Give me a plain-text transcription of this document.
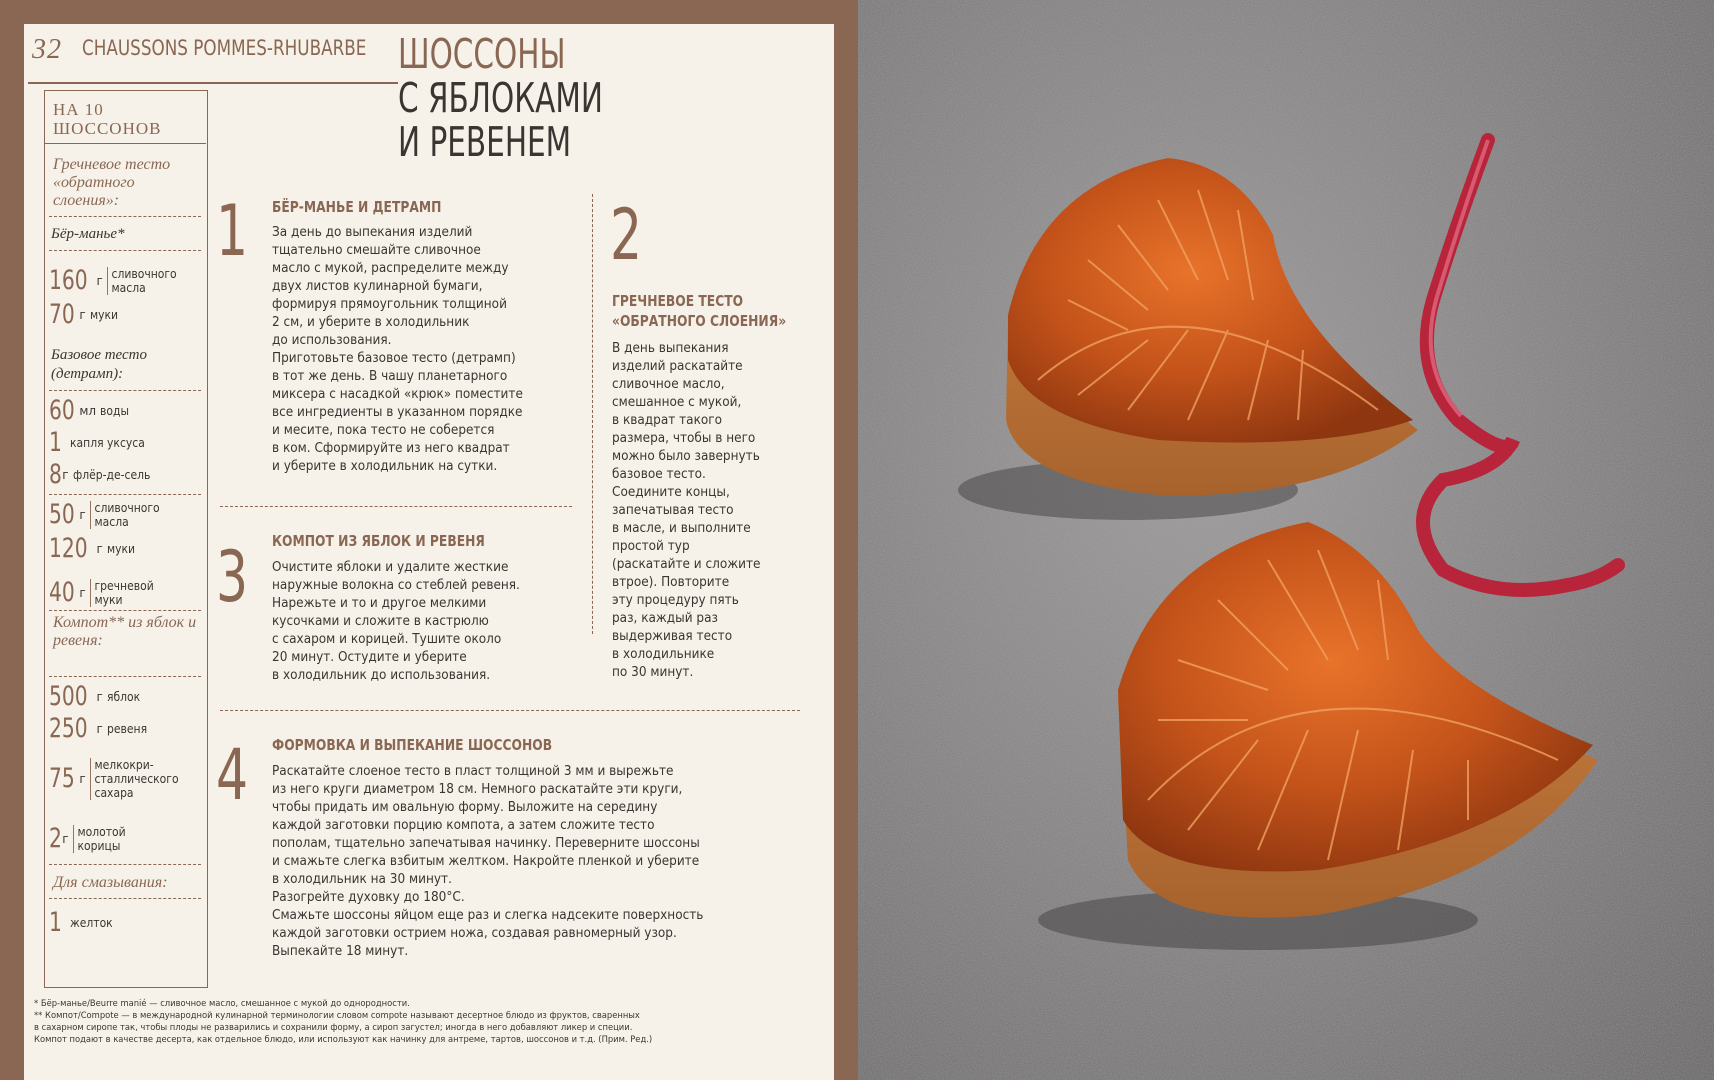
32 CHAUSSONS POMMES-RHUBARBE ШОССОНЫ
С ЯБЛОКАМИ
И РЕВЕНЕМ
НА 10
ШОССОНОВ
Гречневое тесто «обратного слоения»:
Бёр-манье*
160 г сливочного масла
70 г муки
Базовое тесто (детрамп):
60 мл воды
1 капля уксуса
8 г флёр-де-сель
50 г сливочного масла
120 г муки
40 г гречневой муки
Компот** из яблок и ревеня:
500 г яблок
250 г ревеня
75 г
мелкокри-сталлического сахара
2 г молотой корицы
Для смазывания:
1 желток
1 БЁР-МАНЬЕ И ДЕТРАМП
За день до выпекания изделий
тщательно смешайте сливочное
масло с мукой, распределите между
двух листов кулинарной бумаги,
формируя прямоугольник толщиной
2 см, и уберите в холодильник
до использования.
Приготовьте базовое тесто (детрамп)
в тот же день. В чашу планетарного
миксера с насадкой «крюк» поместите
все ингредиенты в указанном порядке
и месите, пока тесто не соберется
в ком. Сформируйте из него квадрат
и уберите в холодильник на сутки.
2
ГРЕЧНЕВОЕ ТЕСТО
«ОБРАТНОГО СЛОЕНИЯ»
В день выпекания
изделий раскатайте
сливочное масло,
смешанное с мукой,
в квадрат такого
размера, чтобы в него
можно было завернуть
базовое тесто.
Соедините концы,
запечатывая тесто
в масле, и выполните
простой тур
(раскатайте и сложите
втрое). Повторите
эту процедуру пять
раз, каждый раз
выдерживая тесто
в холодильнике
по 30 минут.
3 КОМПОТ ИЗ ЯБЛОК И РЕВЕНЯ
Очистите яблоки и удалите жесткие
наружные волокна со стеблей ревеня.
Нарежьте и то и другое мелкими
кусочками и сложите в кастрюлю
с сахаром и корицей. Тушите около
20 минут. Остудите и уберите
в холодильник до использования.
4 ФОРМОВКА И ВЫПЕКАНИЕ ШОССОНОВ
Раскатайте слоеное тесто в пласт толщиной 3 мм и вырежьте
из него круги диаметром 18 см. Немного раскатайте эти круги,
чтобы придать им овальную форму. Выложите на середину
каждой заготовки порцию компота, а затем сложите тесто
пополам, тщательно запечатывая начинку. Переверните шоссоны
и смажьте слегка взбитым желтком. Накройте пленкой и уберите
в холодильник на 30 минут.
Разогрейте духовку до 180°С.
Смажьте шоссоны яйцом еще раз и слегка надсеките поверхность
каждой заготовки острием ножа, создавая равномерный узор.
Выпекайте 18 минут.
* Бёр-манье/Beurre manié — сливочное масло, смешанное с мукой до однородности.
** Компот/Compote — в международной кулинарной терминологии словом compote называют десертное блюдо из фруктов, сваренных
в сахарном сиропе так, чтобы плоды не разварились и сохранили форму, а сироп загустел; иногда в него добавляют ликер и специи.
Компот подают в качестве десерта, как отдельное блюдо, или используют как начинку для антреме, тартов, шоссонов и т.д. (Прим. Ред.)
